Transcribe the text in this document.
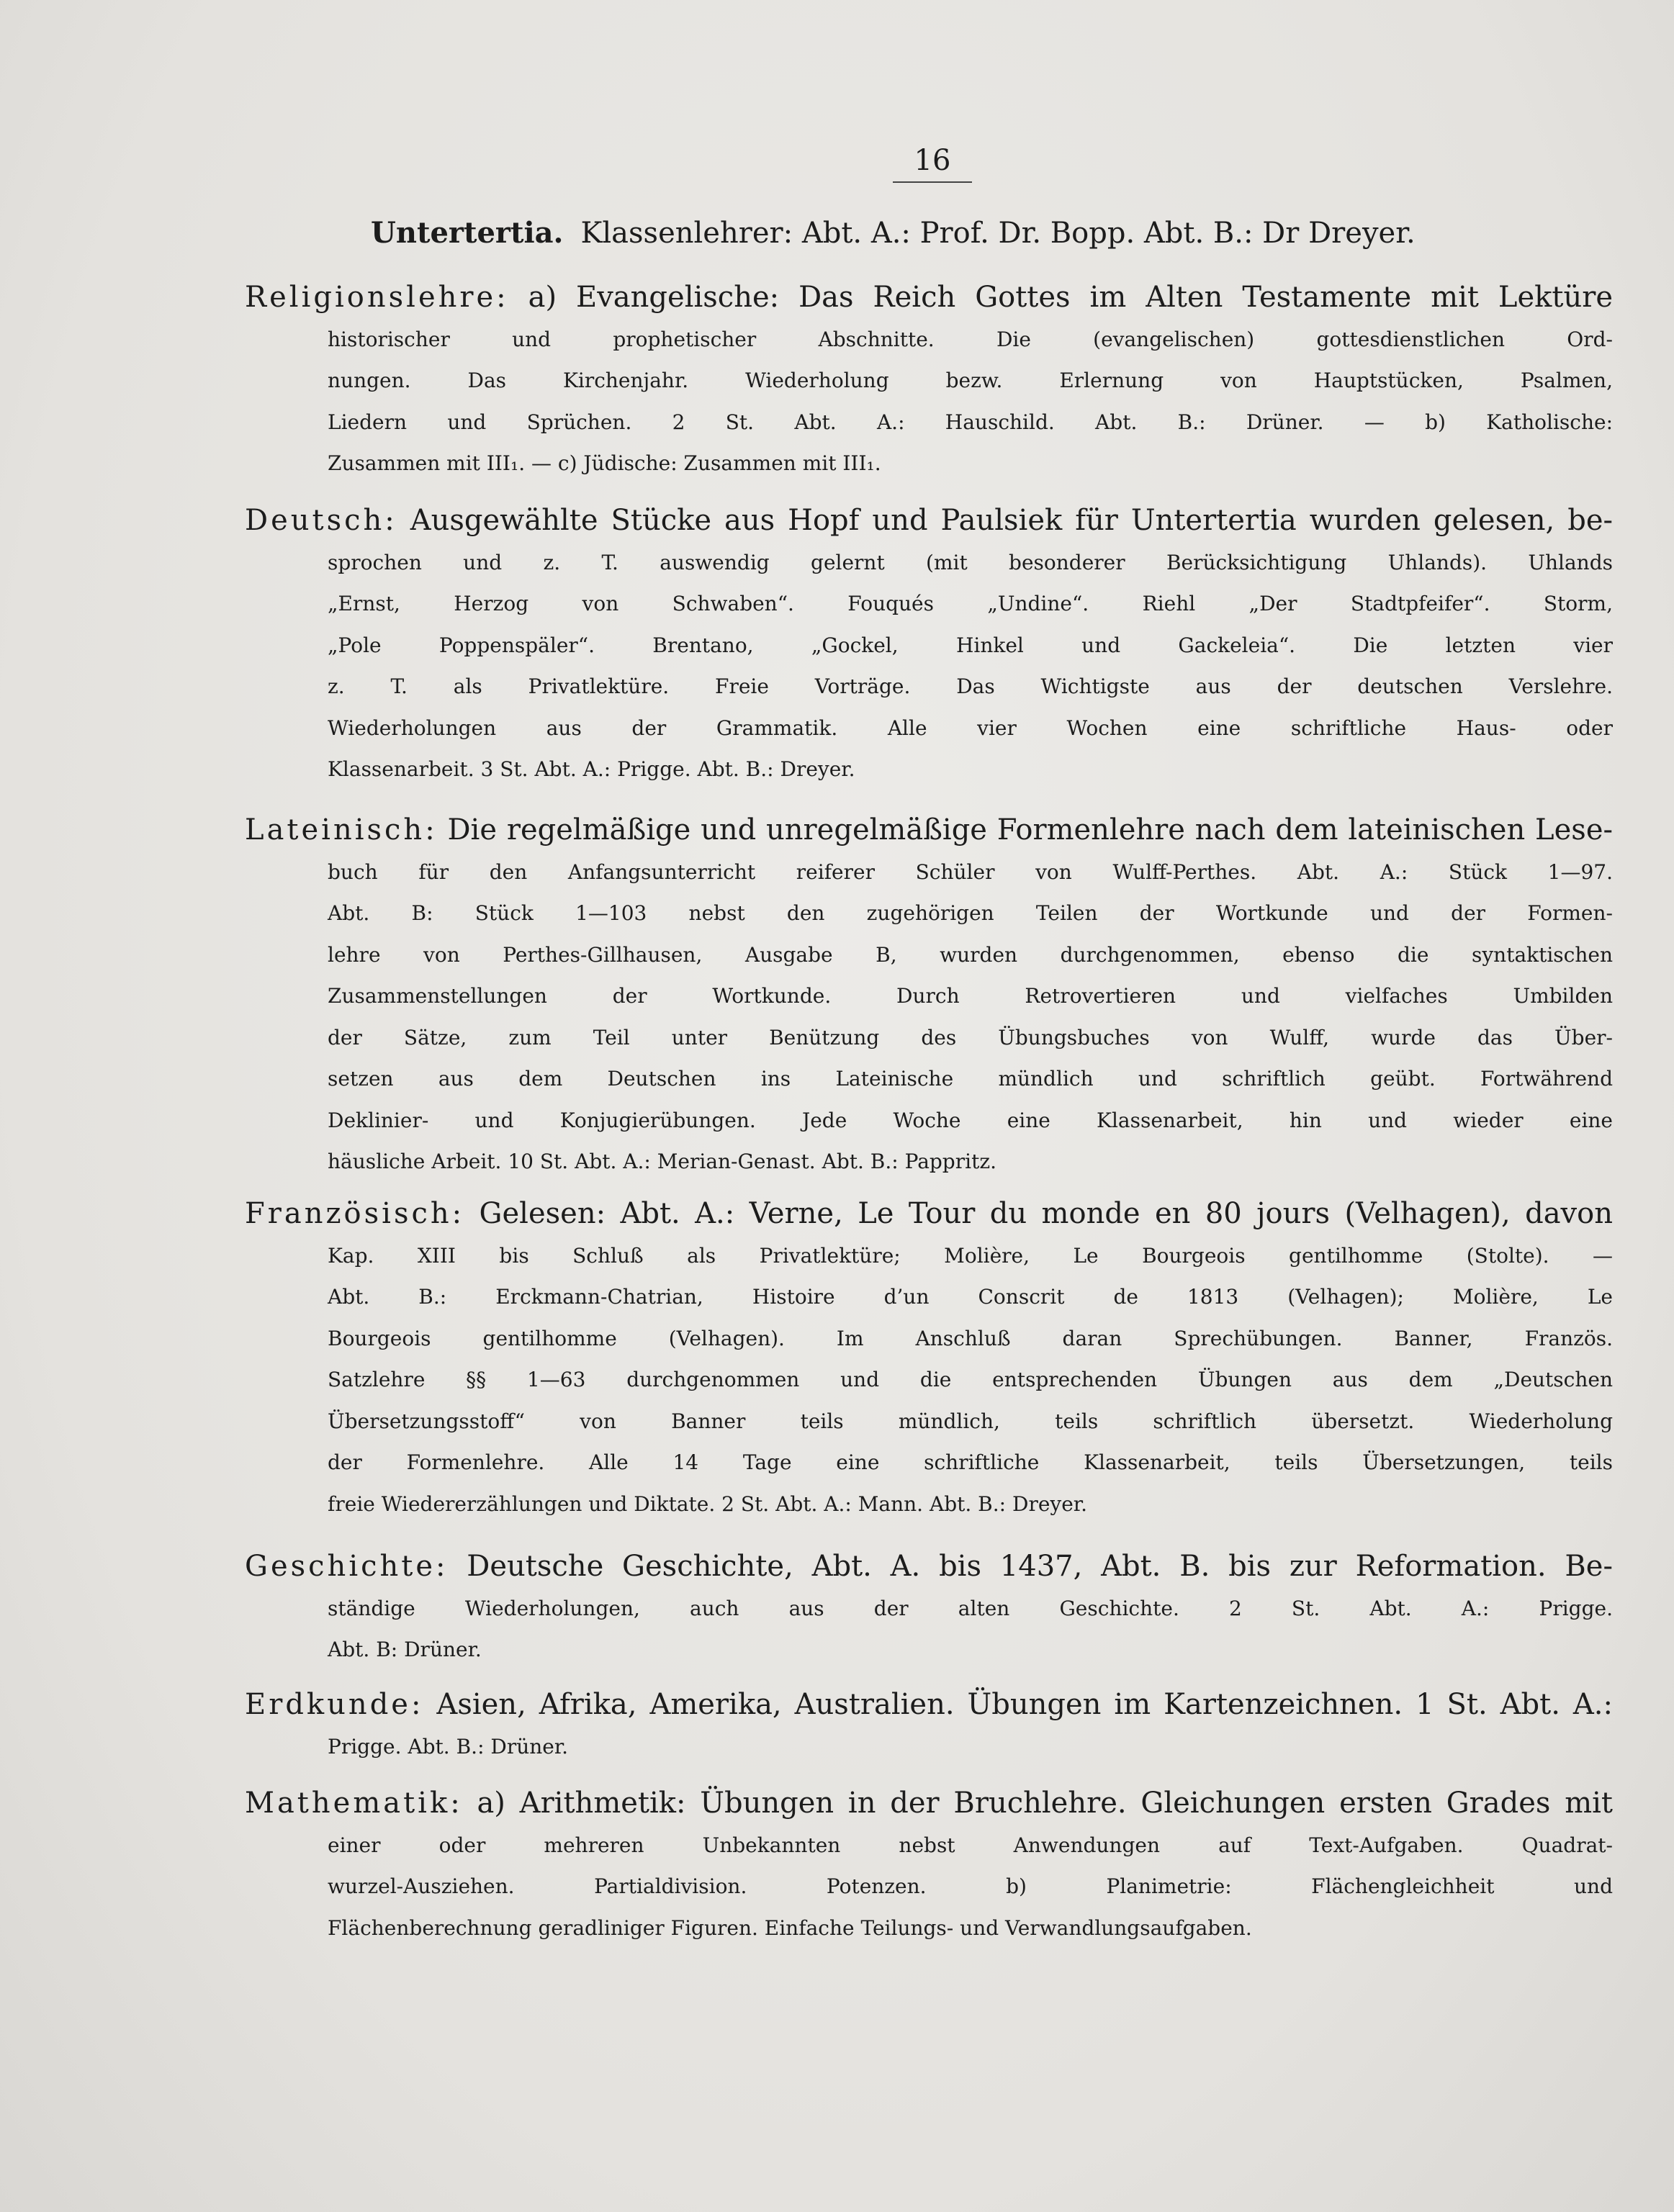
16
Untertertia. Klassenlehrer: Abt. A.: Prof. Dr. Bopp. Abt. B.: Dr Dreyer.
Religionslehre: a) Evangelische: Das Reich Gottes im Alten Testamente mit Lektüre
historischer und prophetischer Abschnitte. Die (evangelischen) gottesdienstlichen Ord-
nungen. Das Kirchenjahr. Wiederholung bezw. Erlernung von Hauptstücken, Psalmen,
Liedern und Sprüchen. 2 St. Abt. A.: Hauschild. Abt. B.: Drüner. — b) Katholische:
Zusammen mit III₁. — c) Jüdische: Zusammen mit III₁.
Deutsch: Ausgewählte Stücke aus Hopf und Paulsiek für Untertertia wurden gelesen, be-
sprochen und z. T. auswendig gelernt (mit besonderer Berücksichtigung Uhlands). Uhlands
„Ernst, Herzog von Schwaben“. Fouqués „Undine“. Riehl „Der Stadtpfeifer“. Storm,
„Pole Poppenspäler“. Brentano, „Gockel, Hinkel und Gackeleia“. Die letzten vier
z. T. als Privatlektüre. Freie Vorträge. Das Wichtigste aus der deutschen Verslehre.
Wiederholungen aus der Grammatik. Alle vier Wochen eine schriftliche Haus- oder
Klassenarbeit. 3 St. Abt. A.: Prigge. Abt. B.: Dreyer.
Lateinisch: Die regelmäßige und unregelmäßige Formenlehre nach dem lateinischen Lese-
buch für den Anfangsunterricht reiferer Schüler von Wulff-Perthes. Abt. A.: Stück 1—97.
Abt. B: Stück 1—103 nebst den zugehörigen Teilen der Wortkunde und der Formen-
lehre von Perthes-Gillhausen, Ausgabe B, wurden durchgenommen, ebenso die syntaktischen
Zusammenstellungen der Wortkunde. Durch Retrovertieren und vielfaches Umbilden
der Sätze, zum Teil unter Benützung des Übungsbuches von Wulff, wurde das Über-
setzen aus dem Deutschen ins Lateinische mündlich und schriftlich geübt. Fortwährend
Deklinier- und Konjugierübungen. Jede Woche eine Klassenarbeit, hin und wieder eine
häusliche Arbeit. 10 St. Abt. A.: Merian-Genast. Abt. B.: Pappritz.
Französisch: Gelesen: Abt. A.: Verne, Le Tour du monde en 80 jours (Velhagen), davon
Kap. XIII bis Schluß als Privatlektüre; Molière, Le Bourgeois gentilhomme (Stolte). —
Abt. B.: Erckmann-Chatrian, Histoire d’un Conscrit de 1813 (Velhagen); Molière, Le
Bourgeois gentilhomme (Velhagen). Im Anschluß daran Sprechübungen. Banner, Französ.
Satzlehre §§ 1—63 durchgenommen und die entsprechenden Übungen aus dem „Deutschen
Übersetzungsstoff“ von Banner teils mündlich, teils schriftlich übersetzt. Wiederholung
der Formenlehre. Alle 14 Tage eine schriftliche Klassenarbeit, teils Übersetzungen, teils
freie Wiedererzählungen und Diktate. 2 St. Abt. A.: Mann. Abt. B.: Dreyer.
Geschichte: Deutsche Geschichte, Abt. A. bis 1437, Abt. B. bis zur Reformation. Be-
ständige Wiederholungen, auch aus der alten Geschichte. 2 St. Abt. A.: Prigge.
Abt. B: Drüner.
Erdkunde: Asien, Afrika, Amerika, Australien. Übungen im Kartenzeichnen. 1 St. Abt. A.:
Prigge. Abt. B.: Drüner.
Mathematik: a) Arithmetik: Übungen in der Bruchlehre. Gleichungen ersten Grades mit
einer oder mehreren Unbekannten nebst Anwendungen auf Text-Aufgaben. Quadrat-
wurzel-Ausziehen. Partialdivision. Potenzen. b) Planimetrie: Flächengleichheit und
Flächenberechnung geradliniger Figuren. Einfache Teilungs- und Verwandlungsaufgaben.
